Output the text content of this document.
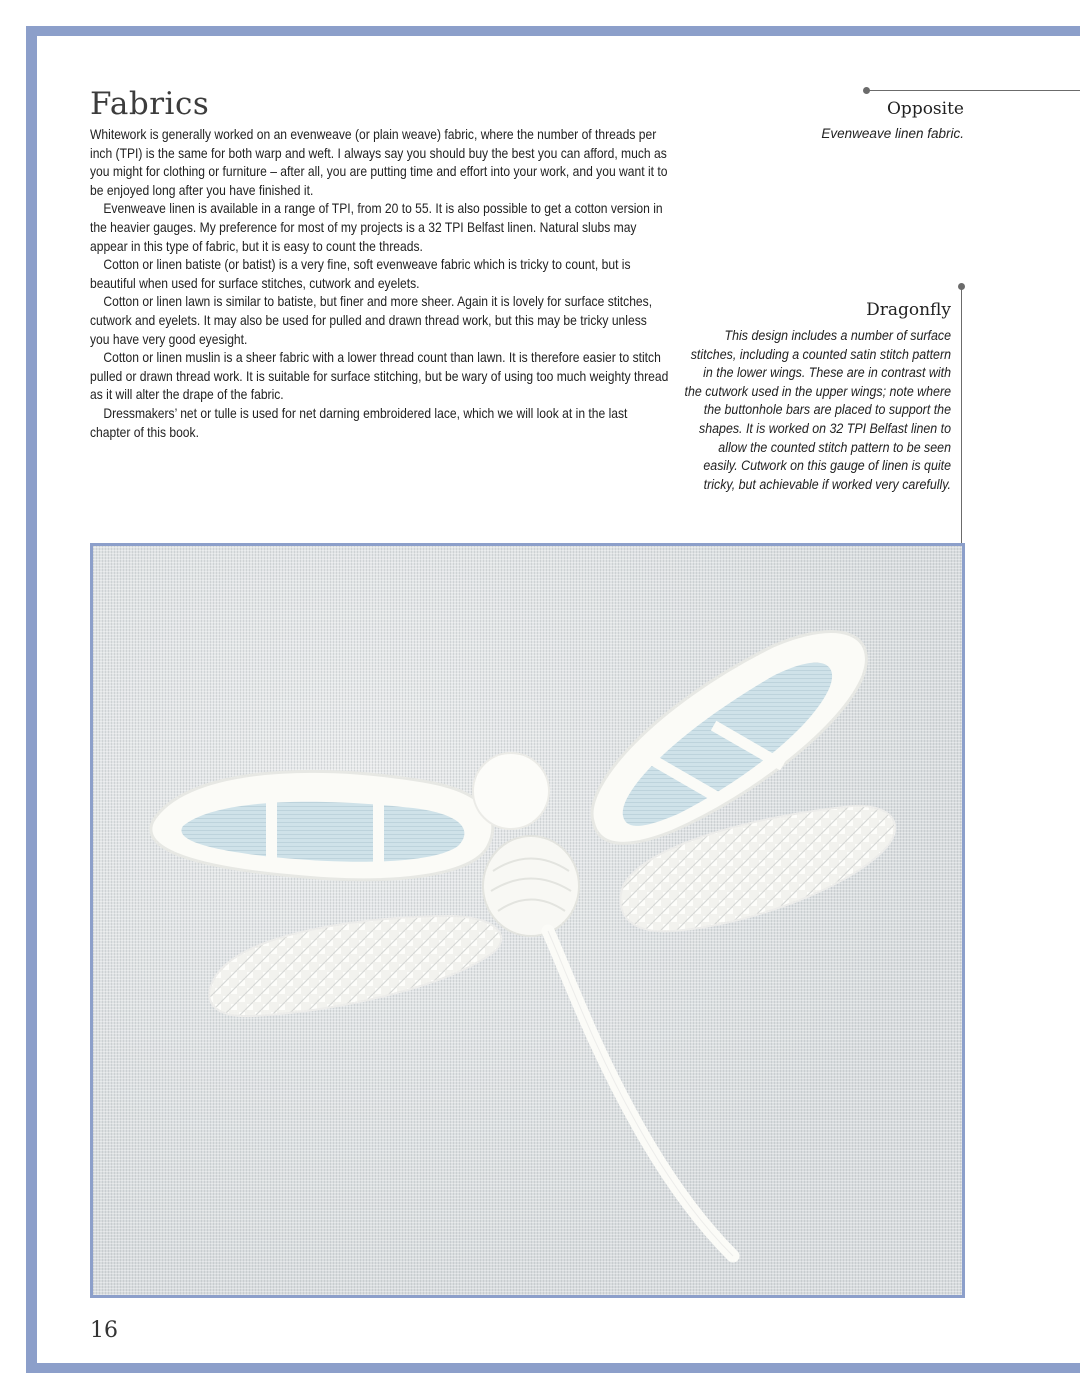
Fabrics

Whitework is generally worked on an evenweave (or plain weave) fabric, where the number of threads per inch (TPI) is the same for both warp and weft. I always say you should buy the best you can afford, much as you might for clothing or furniture – after all, you are putting time and effort into your work, and you want it to be enjoyed long after you have finished it.

Evenweave linen is available in a range of TPI, from 20 to 55. It is also possible to get a cotton version in the heavier gauges. My preference for most of my projects is a 32 TPI Belfast linen. Natural slubs may appear in this type of fabric, but it is easy to count the threads.

Cotton or linen batiste (or batist) is a very fine, soft evenweave fabric which is tricky to count, but is beautiful when used for surface stitches, cutwork and eyelets.

Cotton or linen lawn is similar to batiste, but finer and more sheer. Again it is lovely for surface stitches, cutwork and eyelets. It may also be used for pulled and drawn thread work, but this may be tricky unless you have very good eyesight.

Cotton or linen muslin is a sheer fabric with a lower thread count than lawn. It is therefore easier to stitch pulled or drawn thread work. It is suitable for surface stitching, but be wary of using too much weighty thread as it will alter the drape of the fabric.

Dressmakers’ net or tulle is used for net darning embroidered lace, which we will look at in the last chapter of this book.

Opposite
Evenweave linen fabric.
Dragonfly
This design includes a number of surface stitches, including a counted satin stitch pattern in the lower wings. These are in contrast with the cutwork used in the upper wings; note where the buttonhole bars are placed to support the shapes. It is worked on 32 TPI Belfast linen to allow the counted stitch pattern to be seen easily. Cutwork on this gauge of linen is quite tricky, but achievable if worked very carefully.
16
